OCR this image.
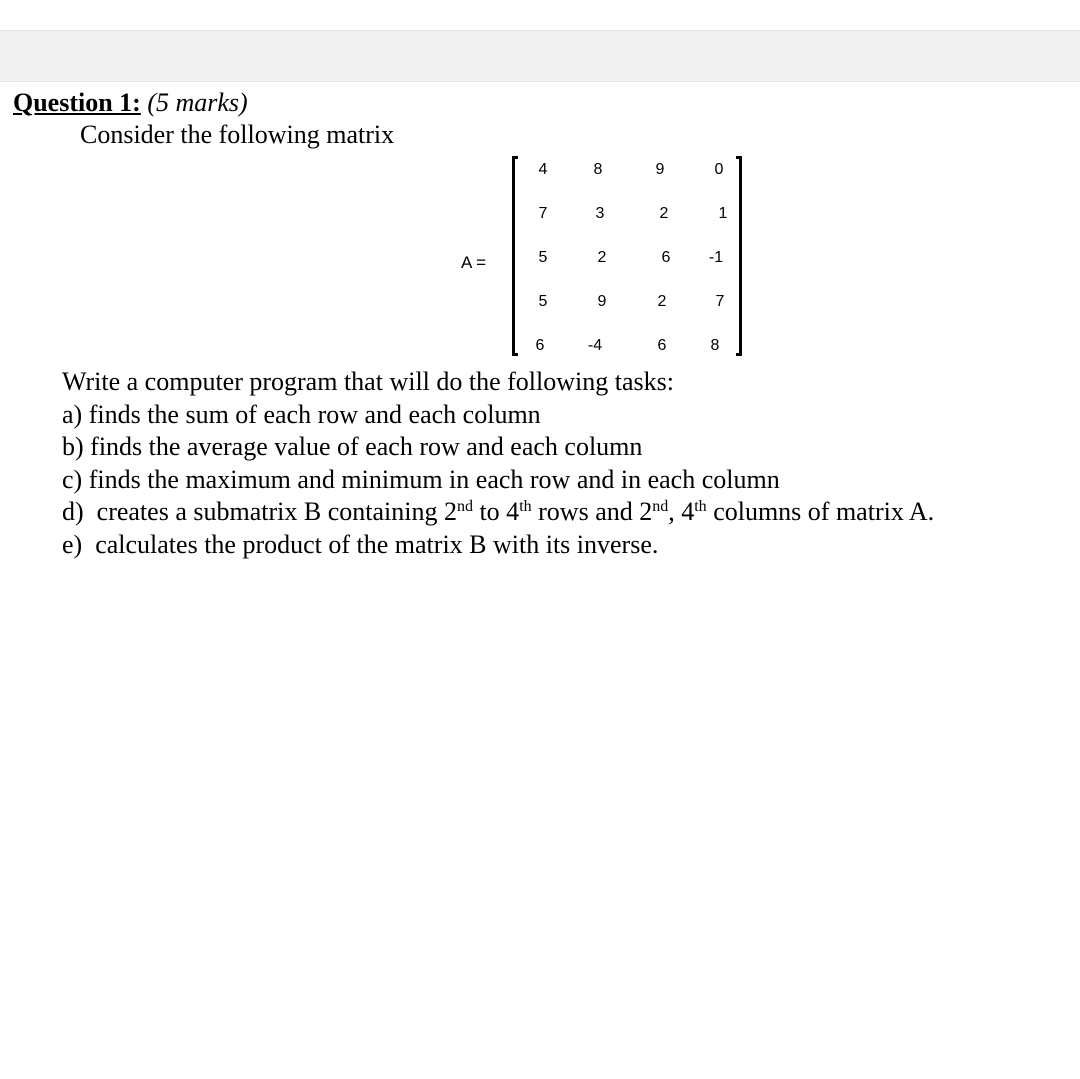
Question 1: (5 marks)
Consider the following matrix
A =
4	8	9	0
7	3	2	1
5	2	6	-1
5	9	2	7
6	-4	6	8

Write a computer program that will do the following tasks:

a) finds the sum of each row and each column

b) finds the average value of each row and each column

c) finds the maximum and minimum in each row and in each column

d)  creates a submatrix B containing 2nd to 4th rows and 2nd, 4th columns of matrix A.

e)  calculates the product of the matrix B with its inverse.
